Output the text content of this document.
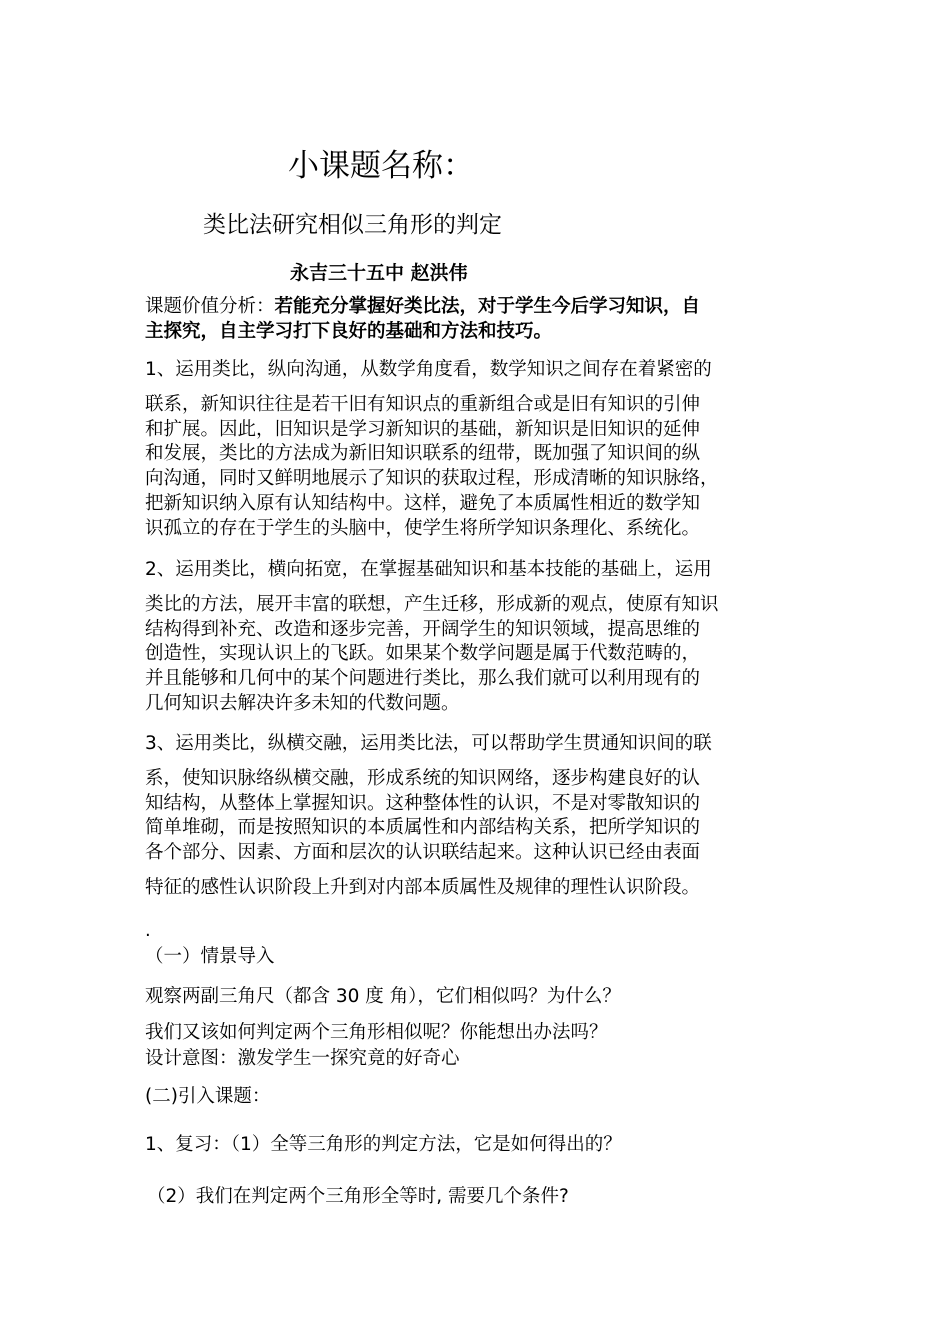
小课题名称：

类比法研究相似三角形的判定

永吉三十五中 赵洪伟

课题价值分析：若能充分掌握好类比法，对于学生今后学习知识，自
主探究，自主学习打下良好的基础和方法和技巧。
1、运用类比，纵向沟通，从数学角度看，数学知识之间存在着紧密的
联系，新知识往往是若干旧有知识点的重新组合或是旧有知识的引伸
和扩展。因此，旧知识是学习新知识的基础，新知识是旧知识的延伸
和发展，类比的方法成为新旧知识联系的纽带，既加强了知识间的纵
向沟通，同时又鲜明地展示了知识的获取过程，形成清晰的知识脉络，
把新知识纳入原有认知结构中。这样，避免了本质属性相近的数学知
识孤立的存在于学生的头脑中，使学生将所学知识条理化、系统化。
2、运用类比，横向拓宽，在掌握基础知识和基本技能的基础上，运用
类比的方法，展开丰富的联想，产生迁移，形成新的观点，使原有知识
结构得到补充、改造和逐步完善，开阔学生的知识领域，提高思维的
创造性，实现认识上的飞跃。如果某个数学问题是属于代数范畴的，
并且能够和几何中的某个问题进行类比，那么我们就可以利用现有的
几何知识去解决许多未知的代数问题。
3、运用类比，纵横交融，运用类比法，可以帮助学生贯通知识间的联
系，使知识脉络纵横交融，形成系统的知识网络，逐步构建良好的认
知结构，从整体上掌握知识。这种整体性的认识，不是对零散知识的
简单堆砌，而是按照知识的本质属性和内部结构关系，把所学知识的
各个部分、因素、方面和层次的认识联结起来。这种认识已经由表面
特征的感性认识阶段上升到对内部本质属性及规律的理性认识阶段。

.

（一）情景导入

观察两副三角尺（都含 30 度 角），它们相似吗？为什么？

我们又该如何判定两个三角形相似呢？你能想出办法吗？

设计意图：激发学生一探究竟的好奇心

(二)引入课题：

1、复习：（1）全等三角形的判定方法，它是如何得出的？

（2）我们在判定两个三角形全等时, 需要几个条件?
